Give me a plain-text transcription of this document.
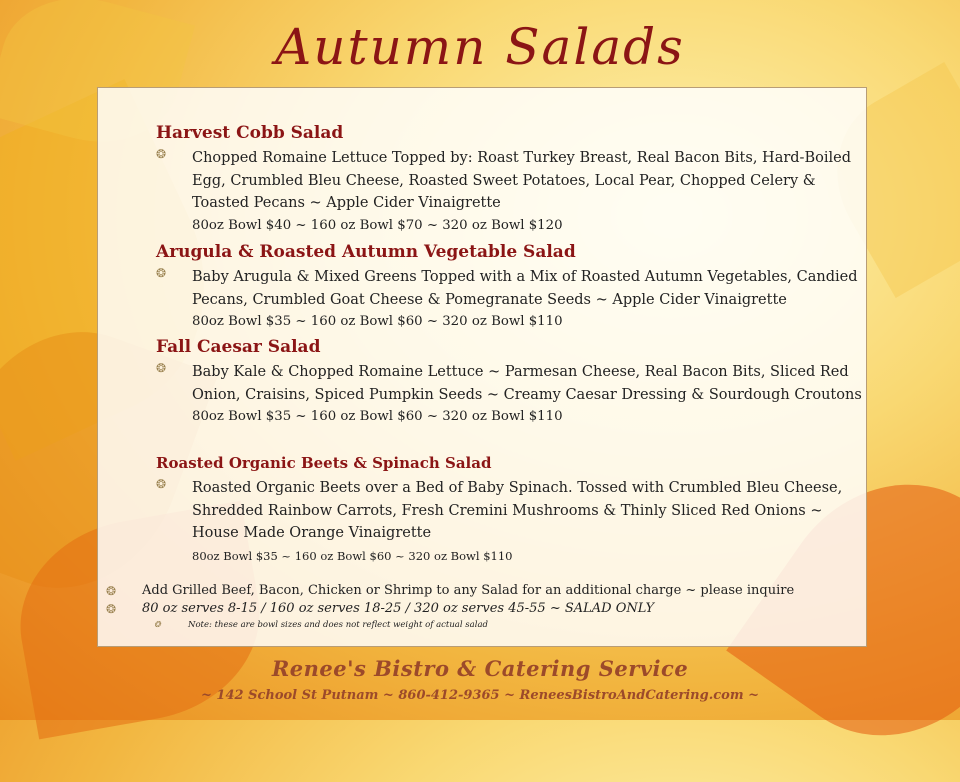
Autumn Salads
Harvest Cobb Salad
❂ Chopped Romaine Lettuce Topped by: Roast Turkey Breast, Real Bacon Bits, Hard-Boiled Egg, Crumbled Bleu Cheese, Roasted Sweet Potatoes, Local Pear, Chopped Celery & Toasted Pecans ~ Apple Cider Vinaigrette
80oz Bowl $40 ~ 160 oz Bowl $70 ~ 320 oz Bowl $120
Arugula & Roasted Autumn Vegetable Salad
❂ Baby Arugula & Mixed Greens Topped with a Mix of Roasted Autumn Vegetables, Candied Pecans, Crumbled Goat Cheese & Pomegranate Seeds ~ Apple Cider Vinaigrette
80oz Bowl $35 ~ 160 oz Bowl $60 ~ 320 oz Bowl $110
Fall Caesar Salad
❂ Baby Kale & Chopped Romaine Lettuce ~ Parmesan Cheese, Real Bacon Bits, Sliced Red Onion, Craisins, Spiced Pumpkin Seeds ~ Creamy Caesar Dressing & Sourdough Croutons
80oz Bowl $35 ~ 160 oz Bowl $60 ~ 320 oz Bowl $110
Roasted Organic Beets & Spinach Salad
❂ Roasted Organic Beets over a Bed of Baby Spinach. Tossed with Crumbled Bleu Cheese, Shredded Rainbow Carrots, Fresh Cremini Mushrooms & Thinly Sliced Red Onions ~ House Made Orange Vinaigrette
80oz Bowl $35 ~ 160 oz Bowl $60 ~ 320 oz Bowl $110
❂ Add Grilled Beef, Bacon, Chicken or Shrimp to any Salad for an additional charge ~ please inquire
❂ 80 oz serves 8-15 / 160 oz serves 18-25 / 320 oz serves 45-55 ~ SALAD ONLY
❂	Note: these are bowl sizes and does not reflect weight of actual salad
Renee's Bistro & Catering Service
~ 142 School St Putnam ~ 860-412-9365 ~ ReneesBistroAndCatering.com ~
